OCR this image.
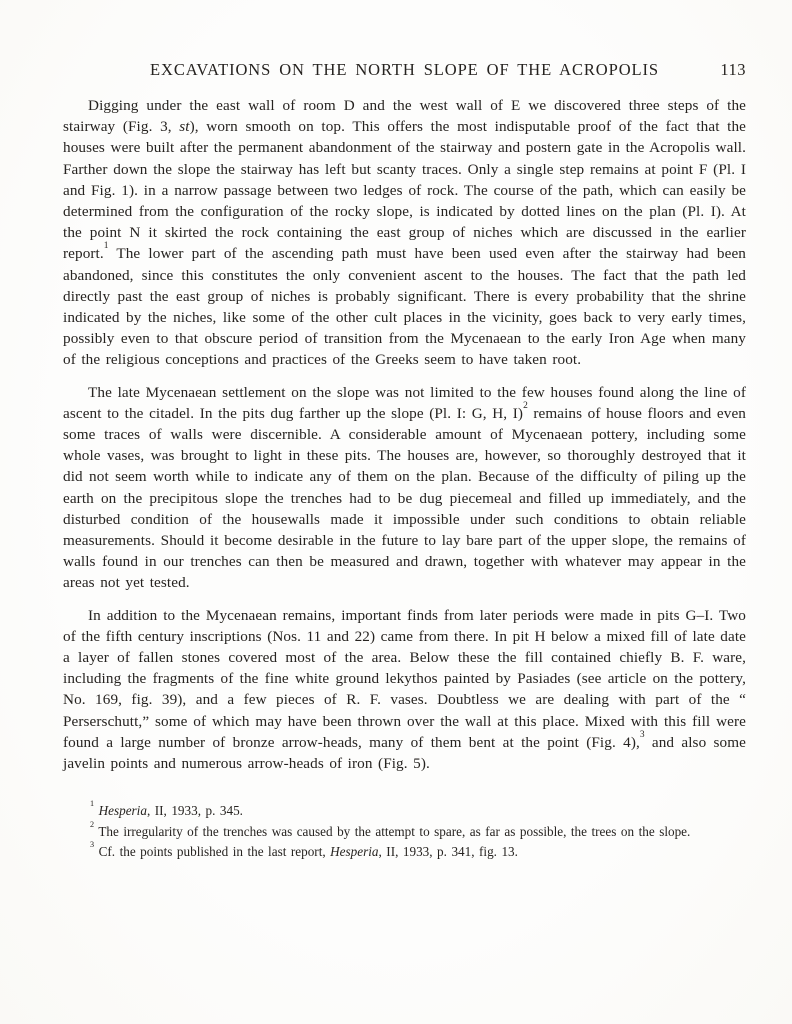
EXCAVATIONS ON THE NORTH SLOPE OF THE ACROPOLIS	113

Digging under the east wall of room D and the west wall of E we discovered three steps of the stairway (Fig. 3, st), worn smooth on top. This offers the most indisputable proof of the fact that the houses were built after the permanent abandonment of the stairway and postern gate in the Acropolis wall. Farther down the slope the stairway has left but scanty traces. Only a single step remains at point F (Pl. I and Fig. 1). in a narrow passage between two ledges of rock. The course of the path, which can easily be determined from the configuration of the rocky slope, is indicated by dotted lines on the plan (Pl. I). At the point N it skirted the rock containing the east group of niches which are discussed in the earlier report.$^1$ The lower part of the ascending path must have been used even after the stairway had been abandoned, since this constitutes the only convenient ascent to the houses. The fact that the path led directly past the east group of niches is probably significant. There is every probability that the shrine indicated by the niches, like some of the other cult places in the vicinity, goes back to very early times, possibly even to that obscure period of transition from the Mycenaean to the early Iron Age when many of the religious conceptions and practices of the Greeks seem to have taken root.

The late Mycenaean settlement on the slope was not limited to the few houses found along the line of ascent to the citadel. In the pits dug farther up the slope (Pl. I: G, H, I)$^2$ remains of house floors and even some traces of walls were discernible. A considerable amount of Mycenaean pottery, including some whole vases, was brought to light in these pits. The houses are, however, so thoroughly destroyed that it did not seem worth while to indicate any of them on the plan. Because of the difficulty of piling up the earth on the precipitous slope the trenches had to be dug piecemeal and filled up immediately, and the disturbed condition of the housewalls made it impossible under such conditions to obtain reliable measurements. Should it become desirable in the future to lay bare part of the upper slope, the remains of walls found in our trenches can then be measured and drawn, together with whatever may appear in the areas not yet tested.

In addition to the Mycenaean remains, important finds from later periods were made in pits G–I. Two of the fifth century inscriptions (Nos. 11 and 22) came from there. In pit H below a mixed fill of late date a layer of fallen stones covered most of the area. Below these the fill contained chiefly B. F. ware, including the fragments of the fine white ground lekythos painted by Pasiades (see article on the pottery, No. 169, fig. 39), and a few pieces of R. F. vases. Doubtless we are dealing with part of the “ Perserschutt,” some of which may have been thrown over the wall at this place. Mixed with this fill were found a large number of bronze arrow-heads, many of them bent at the point (Fig. 4),$^3$ and also some javelin points and numerous arrow-heads of iron (Fig. 5).

$^1$ Hesperia, II, 1933, p. 345.

$^2$ The irregularity of the trenches was caused by the attempt to spare, as far as possible, the trees on the slope.

$^3$ Cf. the points published in the last report, Hesperia, II, 1933, p. 341, fig. 13.
